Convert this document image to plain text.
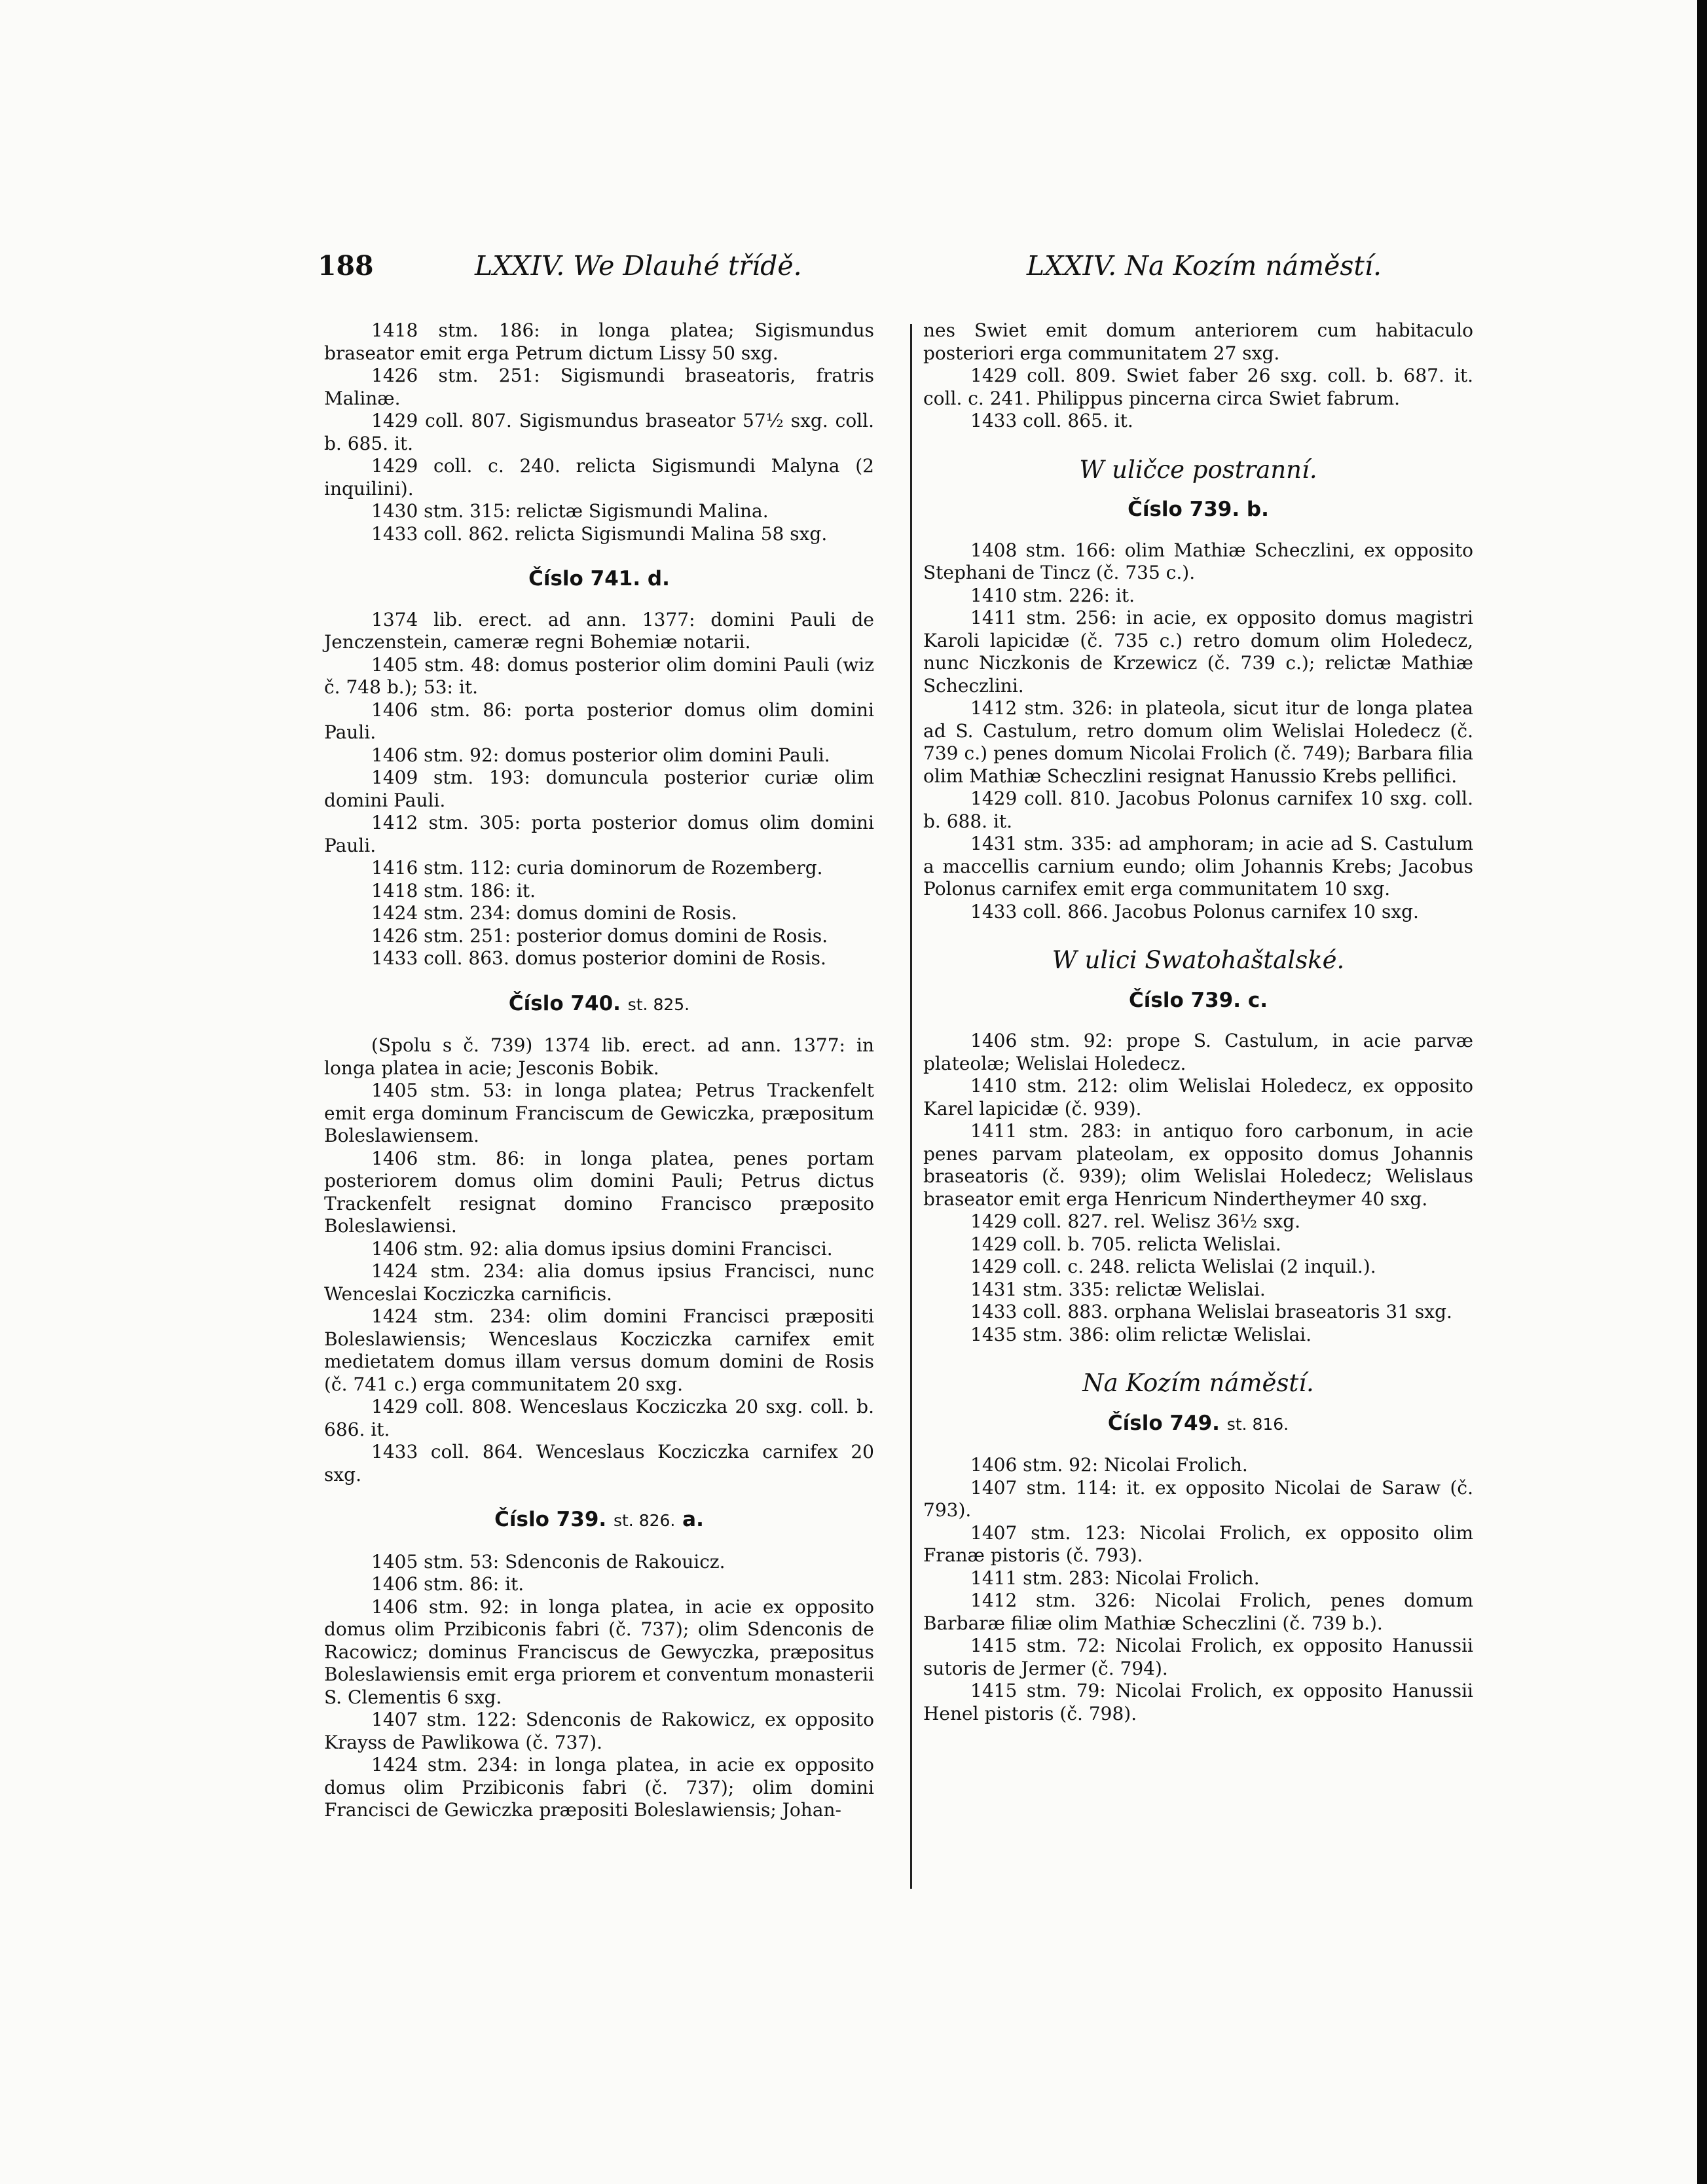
188	LXXIV. We Dlauhé třídě.	LXXIV. Na Kozím náměstí.

1418 stm. 186: in longa platea; Sigismundus braseator emit erga Petrum dictum Lissy 50 sxg.

1426 stm. 251: Sigismundi braseatoris, fratris Malinæ.

1429 coll. 807. Sigismundus braseator 57½ sxg. coll. b. 685. it.

1429 coll. c. 240. relicta Sigismundi Malyna (2 inquilini).

1430 stm. 315: relictæ Sigismundi Malina.

1433 coll. 862. relicta Sigismundi Malina 58 sxg.

Číslo 741. d.

1374 lib. erect. ad ann. 1377: domini Pauli de Jenczenstein, cameræ regni Bohemiæ notarii.

1405 stm. 48: domus posterior olim domini Pauli (wiz č. 748 b.); 53: it.

1406 stm. 86: porta posterior domus olim domini Pauli.

1406 stm. 92: domus posterior olim domini Pauli.

1409 stm. 193: domuncula posterior curiæ olim domini Pauli.

1412 stm. 305: porta posterior domus olim domini Pauli.

1416 stm. 112: curia dominorum de Rozemberg.

1418 stm. 186: it.

1424 stm. 234: domus domini de Rosis.

1426 stm. 251: posterior domus domini de Rosis.

1433 coll. 863. domus posterior domini de Rosis.

Číslo 740. st. 825.

(Spolu s č. 739) 1374 lib. erect. ad ann. 1377: in longa platea in acie; Jesconis Bobik.

1405 stm. 53: in longa platea; Petrus Trackenfelt emit erga dominum Franciscum de Gewiczka, præpositum Boleslawiensem.

1406 stm. 86: in longa platea, penes portam posteriorem domus olim domini Pauli; Petrus dictus Trackenfelt resignat domino Francisco præposito Boleslawiensi.

1406 stm. 92: alia domus ipsius domini Francisci.

1424 stm. 234: alia domus ipsius Francisci, nunc Wenceslai Kocziczka carnificis.

1424 stm. 234: olim domini Francisci præpositi Boleslawiensis; Wenceslaus Kocziczka carnifex emit medietatem domus illam versus domum domini de Rosis (č. 741 c.) erga communitatem 20 sxg.

1429 coll. 808. Wenceslaus Kocziczka 20 sxg. coll. b. 686. it.

1433 coll. 864. Wenceslaus Kocziczka carnifex 20 sxg.

Číslo 739. st. 826. a.

1405 stm. 53: Sdenconis de Rakouicz.

1406 stm. 86: it.

1406 stm. 92: in longa platea, in acie ex opposito domus olim Przibiconis fabri (č. 737); olim Sdenconis de Racowicz; dominus Franciscus de Gewyczka, præpositus Boleslawiensis emit erga priorem et conventum monasterii S. Clementis 6 sxg.

1407 stm. 122: Sdenconis de Rakowicz, ex opposito Krayss de Pawlikowa (č. 737).

1424 stm. 234: in longa platea, in acie ex opposito domus olim Przibiconis fabri (č. 737); olim domini Francisci de Gewiczka præpositi Boleslawiensis; Johan-

nes Swiet emit domum anteriorem cum habitaculo posteriori erga communitatem 27 sxg.

1429 coll. 809. Swiet faber 26 sxg. coll. b. 687. it. coll. c. 241. Philippus pincerna circa Swiet fabrum.

1433 coll. 865. it.

W uličce postranní.
Číslo 739. b.

1408 stm. 166: olim Mathiæ Scheczlini, ex opposito Stephani de Tincz (č. 735 c.).

1410 stm. 226: it.

1411 stm. 256: in acie, ex opposito domus magistri Karoli lapicidæ (č. 735 c.) retro domum olim Holedecz, nunc Niczkonis de Krzewicz (č. 739 c.); relictæ Mathiæ Scheczlini.

1412 stm. 326: in plateola, sicut itur de longa platea ad S. Castulum, retro domum olim Welislai Holedecz (č. 739 c.) penes domum Nicolai Frolich (č. 749); Barbara filia olim Mathiæ Scheczlini resignat Hanussio Krebs pellifici.

1429 coll. 810. Jacobus Polonus carnifex 10 sxg. coll. b. 688. it.

1431 stm. 335: ad amphoram; in acie ad S. Castulum a maccellis carnium eundo; olim Johannis Krebs; Jacobus Polonus carnifex emit erga communitatem 10 sxg.

1433 coll. 866. Jacobus Polonus carnifex 10 sxg.

W ulici Swatohaštalské.
Číslo 739. c.

1406 stm. 92: prope S. Castulum, in acie parvæ plateolæ; Welislai Holedecz.

1410 stm. 212: olim Welislai Holedecz, ex opposito Karel lapicidæ (č. 939).

1411 stm. 283: in antiquo foro carbonum, in acie penes parvam plateolam, ex opposito domus Johannis braseatoris (č. 939); olim Welislai Holedecz; Welislaus braseator emit erga Henricum Nindertheymer 40 sxg.

1429 coll. 827. rel. Welisz 36½ sxg.

1429 coll. b. 705. relicta Welislai.

1429 coll. c. 248. relicta Welislai (2 inquil.).

1431 stm. 335: relictæ Welislai.

1433 coll. 883. orphana Welislai braseatoris 31 sxg.

1435 stm. 386: olim relictæ Welislai.

Na Kozím náměstí.
Číslo 749. st. 816.

1406 stm. 92: Nicolai Frolich.

1407 stm. 114: it. ex opposito Nicolai de Saraw (č. 793).

1407 stm. 123: Nicolai Frolich, ex opposito olim Franæ pistoris (č. 793).

1411 stm. 283: Nicolai Frolich.

1412 stm. 326: Nicolai Frolich, penes domum Barbaræ filiæ olim Mathiæ Scheczlini (č. 739 b.).

1415 stm. 72: Nicolai Frolich, ex opposito Hanussii sutoris de Jermer (č. 794).

1415 stm. 79: Nicolai Frolich, ex opposito Hanussii Henel pistoris (č. 798).
